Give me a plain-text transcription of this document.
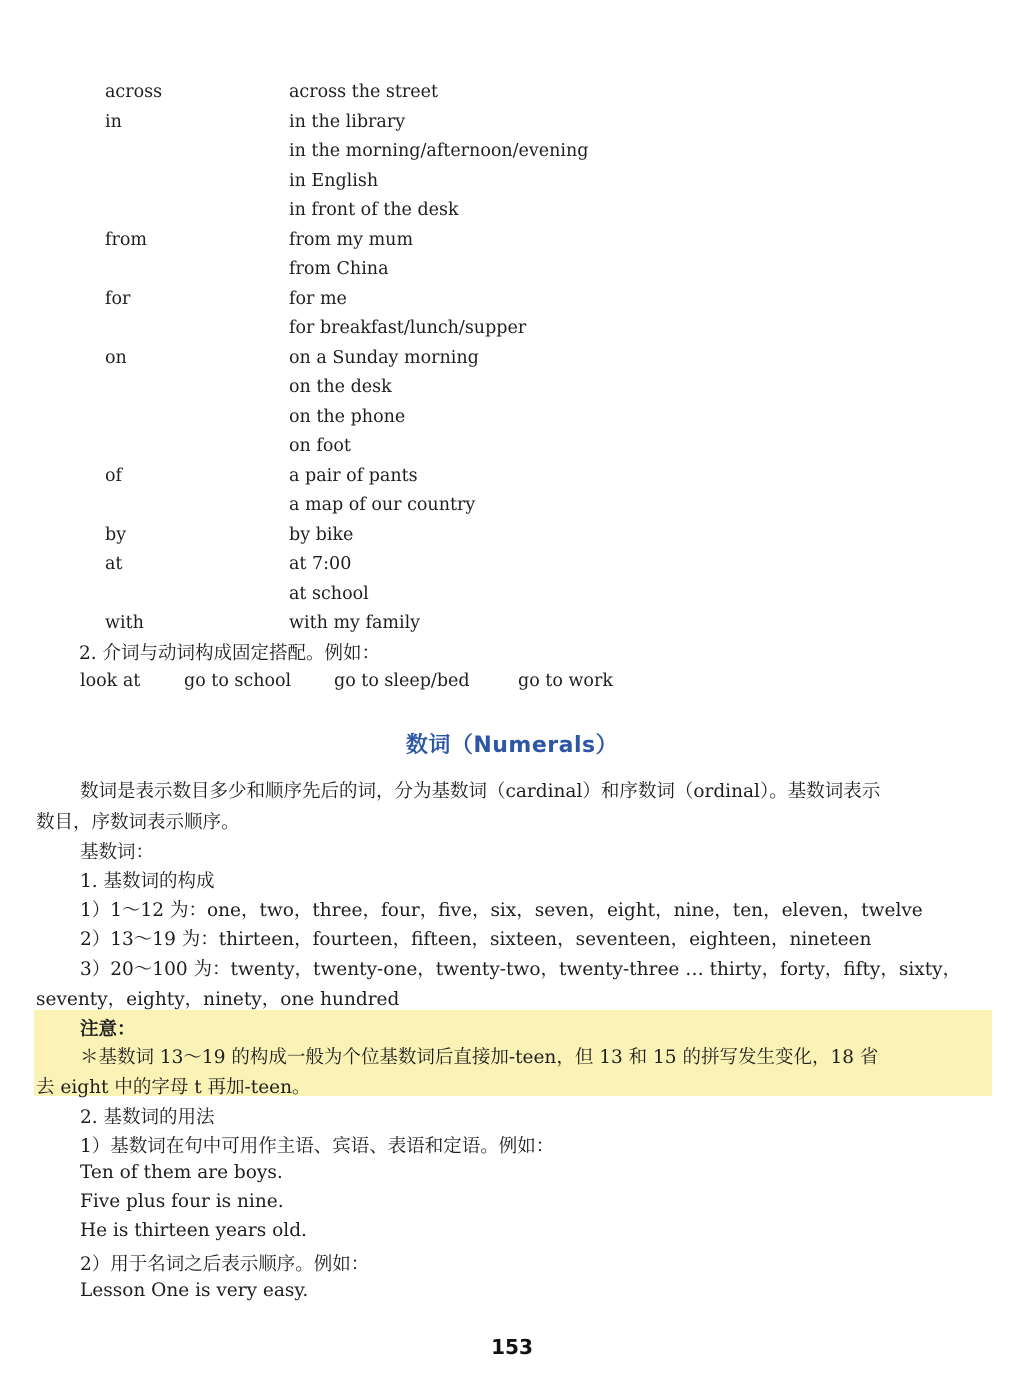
across	across the street
in	in the library
in the morning/afternoon/evening
in English
in front of the desk
from	from my mum
from China
for	for me
for breakfast/lunch/supper
on	on a Sunday morning
on the desk
on the phone
on foot
of	a pair of pants
a map of our country
by	by bike
at	at 7:00
at school
with	with my family
2. 介词与动词构成固定搭配。例如：
look at go to school go to sleep/bed	go to work
数词（Numerals）
数词是表示数目多少和顺序先后的词，分为基数词（cardinal）和序数词（ordinal）。基数词表示
数目，序数词表示顺序。
基数词：
1. 基数词的构成
1）1～12 为：one，two，three，four，five，six，seven，eight，nine，ten，eleven，twelve
2）13～19 为：thirteen，fourteen，fifteen，sixteen，seventeen，eighteen，nineteen
3）20～100 为：twenty，twenty-one，twenty-two，twenty-three … thirty，forty，fifty，sixty，
seventy，eighty，ninety，one hundred
注意：
＊基数词 13～19 的构成一般为个位基数词后直接加-teen，但 13 和 15 的拼写发生变化，18 省
去 eight 中的字母 t 再加-teen。
2. 基数词的用法
1）基数词在句中可用作主语、宾语、表语和定语。例如：
Ten of them are boys.
Five plus four is nine.
He is thirteen years old.
2）用于名词之后表示顺序。例如：
Lesson One is very easy.
153
